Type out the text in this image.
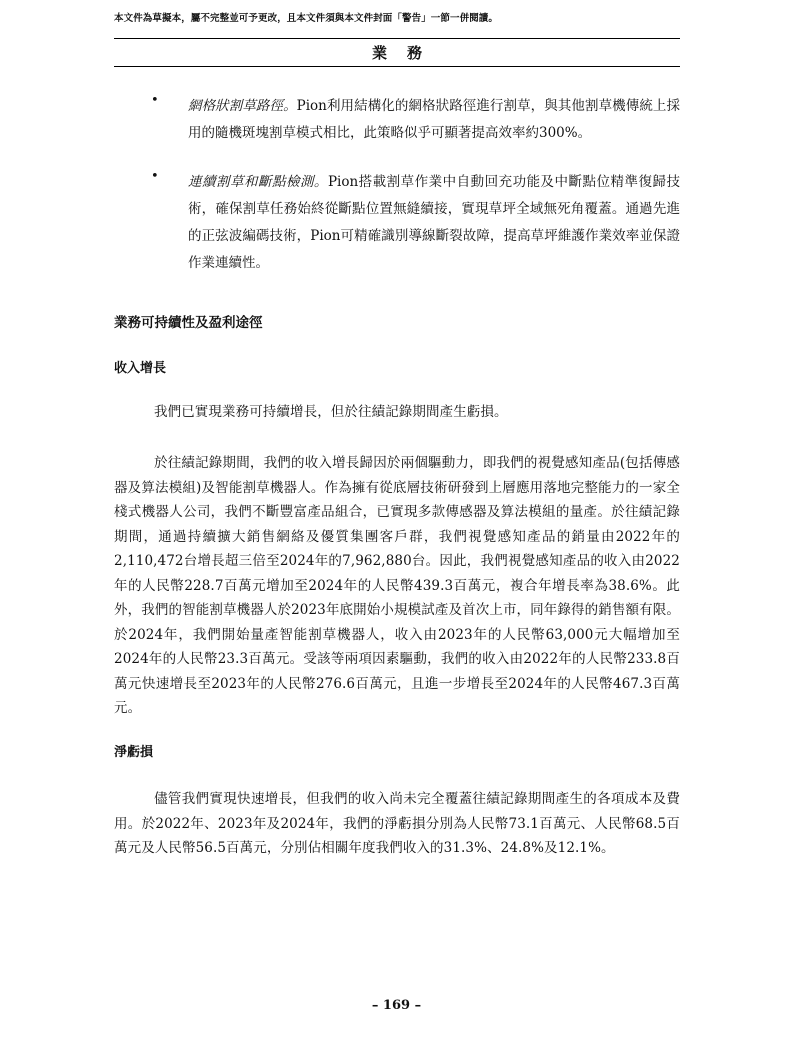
本文件為草擬本，屬不完整並可予更改，且本文件須與本文件封面「警告」一節一併閱讀。
業務
• 網格狀割草路徑。Pion利用結構化的網格狀路徑進行割草，與其他割草機傳統上採用的隨機斑塊割草模式相比，此策略似乎可顯著提高效率約300%。
• 連續割草和斷點檢測。Pion搭載割草作業中自動回充功能及中斷點位精準復歸技術，確保割草任務始終從斷點位置無縫續接，實現草坪全域無死角覆蓋。通過先進的正弦波編碼技術，Pion可精確識別導線斷裂故障，提高草坪維護作業效率並保證作業連續性。
業務可持續性及盈利途徑
收入增長

我們已實現業務可持續增長，但於往績記錄期間產生虧損。

於往績記錄期間，我們的收入增長歸因於兩個驅動力，即我們的視覺感知產品(包括傳感器及算法模組)及智能割草機器人。作為擁有從底層技術研發到上層應用落地完整能力的一家全棧式機器人公司，我們不斷豐富產品組合，已實現多款傳感器及算法模組的量產。於往績記錄期間，通過持續擴大銷售網絡及優質集團客戶群，我們視覺感知產品的銷量由2022年的2,110,472台增長超三倍至2024年的7,962,880台。因此，我們視覺感知產品的收入由2022年的人民幣228.7百萬元增加至2024年的人民幣439.3百萬元，複合年增長率為38.6%。此外，我們的智能割草機器人於2023年底開始小規模試產及首次上市，同年錄得的銷售額有限。於2024年，我們開始量產智能割草機器人，收入由2023年的人民幣63,000元大幅增加至2024年的人民幣23.3百萬元。受該等兩項因素驅動，我們的收入由2022年的人民幣233.8百萬元快速增長至2023年的人民幣276.6百萬元，且進一步增長至2024年的人民幣467.3百萬元。

淨虧損

儘管我們實現快速增長，但我們的收入尚未完全覆蓋往績記錄期間產生的各項成本及費用。於2022年、2023年及2024年，我們的淨虧損分別為人民幣73.1百萬元、人民幣68.5百萬元及人民幣56.5百萬元，分別佔相關年度我們收入的31.3%、24.8%及12.1%。

– 169 –
